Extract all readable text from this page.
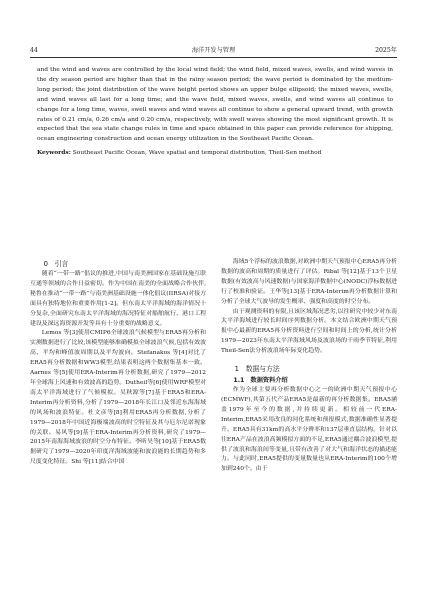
44	海洋开发与管理	2025年

and the wind and waves are controlled by the local wind field; the wind field, mixed waves, swells, and wind waves in the dry season period are higher than that in the rainy season period; the wave period is dominated by the medium-long period; the joint distribution of the wave height period shows an upper bulge ellipsoid; the mixed waves, swells, and wind waves all last for a long time; and the wave field, mixed waves, swells, and wind waves all continue to change for a long time, waves, swell waves and wind waves all continue to show a general upward trend, with growth rates of 0.21 cm/a, 0.26 cm/a and 0.20 cm/a, respectively, with swell waves showing the most significant growth. It is expected that the sea state change rules in time and space obtained in this paper can provide reference for shipping, ocean engineering construction and ocean energy utilization in the Southeast Pacific Ocean.

Keywords: Southeast Pacific Ocean, Wave spatial and temporal distribution, Theil-Sen method

0　引言

随着“一带一路”倡议的推进,中国与南美洲国家在基础设施互联互通等领域的合作日益密切。作为中国在南美的全面战略合作伙伴,秘鲁在推动“一带一路”与南美洲基础设施一体化倡议(IIRSA)对接方面具有独特地位和重要作用[1-2]。但东南太平洋海域的海洋情况十分复杂,全面研究东南太平洋海域的海况特征对船舶航行、港口工程建设及深远海资源开发等具有十分重要的战略意义。

Lemos 等[3]使用CMIP6全球波浪气候模型与ERA5再分析和实测数据进行了比较,该模型能够准确模拟全球波浪气候,包括有效波高、平均和峰值波周期以及平均波向。Stefanakos 等[4]对比了ERA5再分析数据和WW3模型,结果表明这两个数据集基本一致。Aarnes 等[5]使用ERA-Interim再分析数据,研究了1979—2012年全球海上风速和有效波高的趋势。Dutheil等[6]使用WRF模型对南太平洋海域进行了气候模拟。吴秋源等[7]基于ERA5和ERA-Interim再分析资料,分析了1979—2018年长江口及邻近东海海域的风场和波浪特征。杜文彦等[8]利用ERA5再分析数据,分析了1979—2018年中国近海极端波高的时空特征及其与厄尔尼诺现象的关联。易风等[9]基于ERA-Interim再分析资料,研究了1979—2015年南海海域波浪的时空分布特征。李昕昊等[10]基于ERA5数据研究了1979—2020年印度洋海域波能和波浪能的长期趋势和多尺度变化特征。Shi 等[11]结合中国

海域5个浮标的波浪数据,对欧洲中期天气预报中心ERA5再分析数据的波高和周期的质量进行了评估。Ribal 等[12]基于13个卫星数据(有效波高与风速数据)与国家海洋数据中心(NODC)浮标数据进行了校准和验证。王华等[13]基于ERA-Interim再分析数据计算和分析了全球大气波导的发生概率、强度和高度的时空分布。

由于观测资料的有限,且该区域海况恶劣,以往研究中较少对东南太平洋海域进行较长时间序列数据分析。本文结合欧洲中期天气预报中心最新的ERA5再分析资料进行空间和时间上的分析,统计分析1979—2023年东南太平洋海域风场及波浪场的干雨季节特征,利用Theil-Sen法分析波浪场年际变化趋势。

1　数据与方法

1.1　数据资料介绍

作为全球主要再分析数据中心之一的欧洲中期天气预报中心(ECMWF),其第五代产品ERA5是最新的再分析数据集。ERA5涵盖1979年至今的数据,并持续更新。相较前一代ERA-Interim,ERA5采用改良的同化系统和预报模式,数据准确性显著提升。ERA5具有31km的高水平分辨率和137层垂直层结构。针对以往ERA产品在波浪高频模拟方面的不足,ERA5通过耦合波浪模型,提供了波浪和海浪间等变量,且带有改善了对大气和海洋状态的描述能力。与此同时,ERA5提供的变量数量也从ERA-Interim的100个增加到240个。由于
